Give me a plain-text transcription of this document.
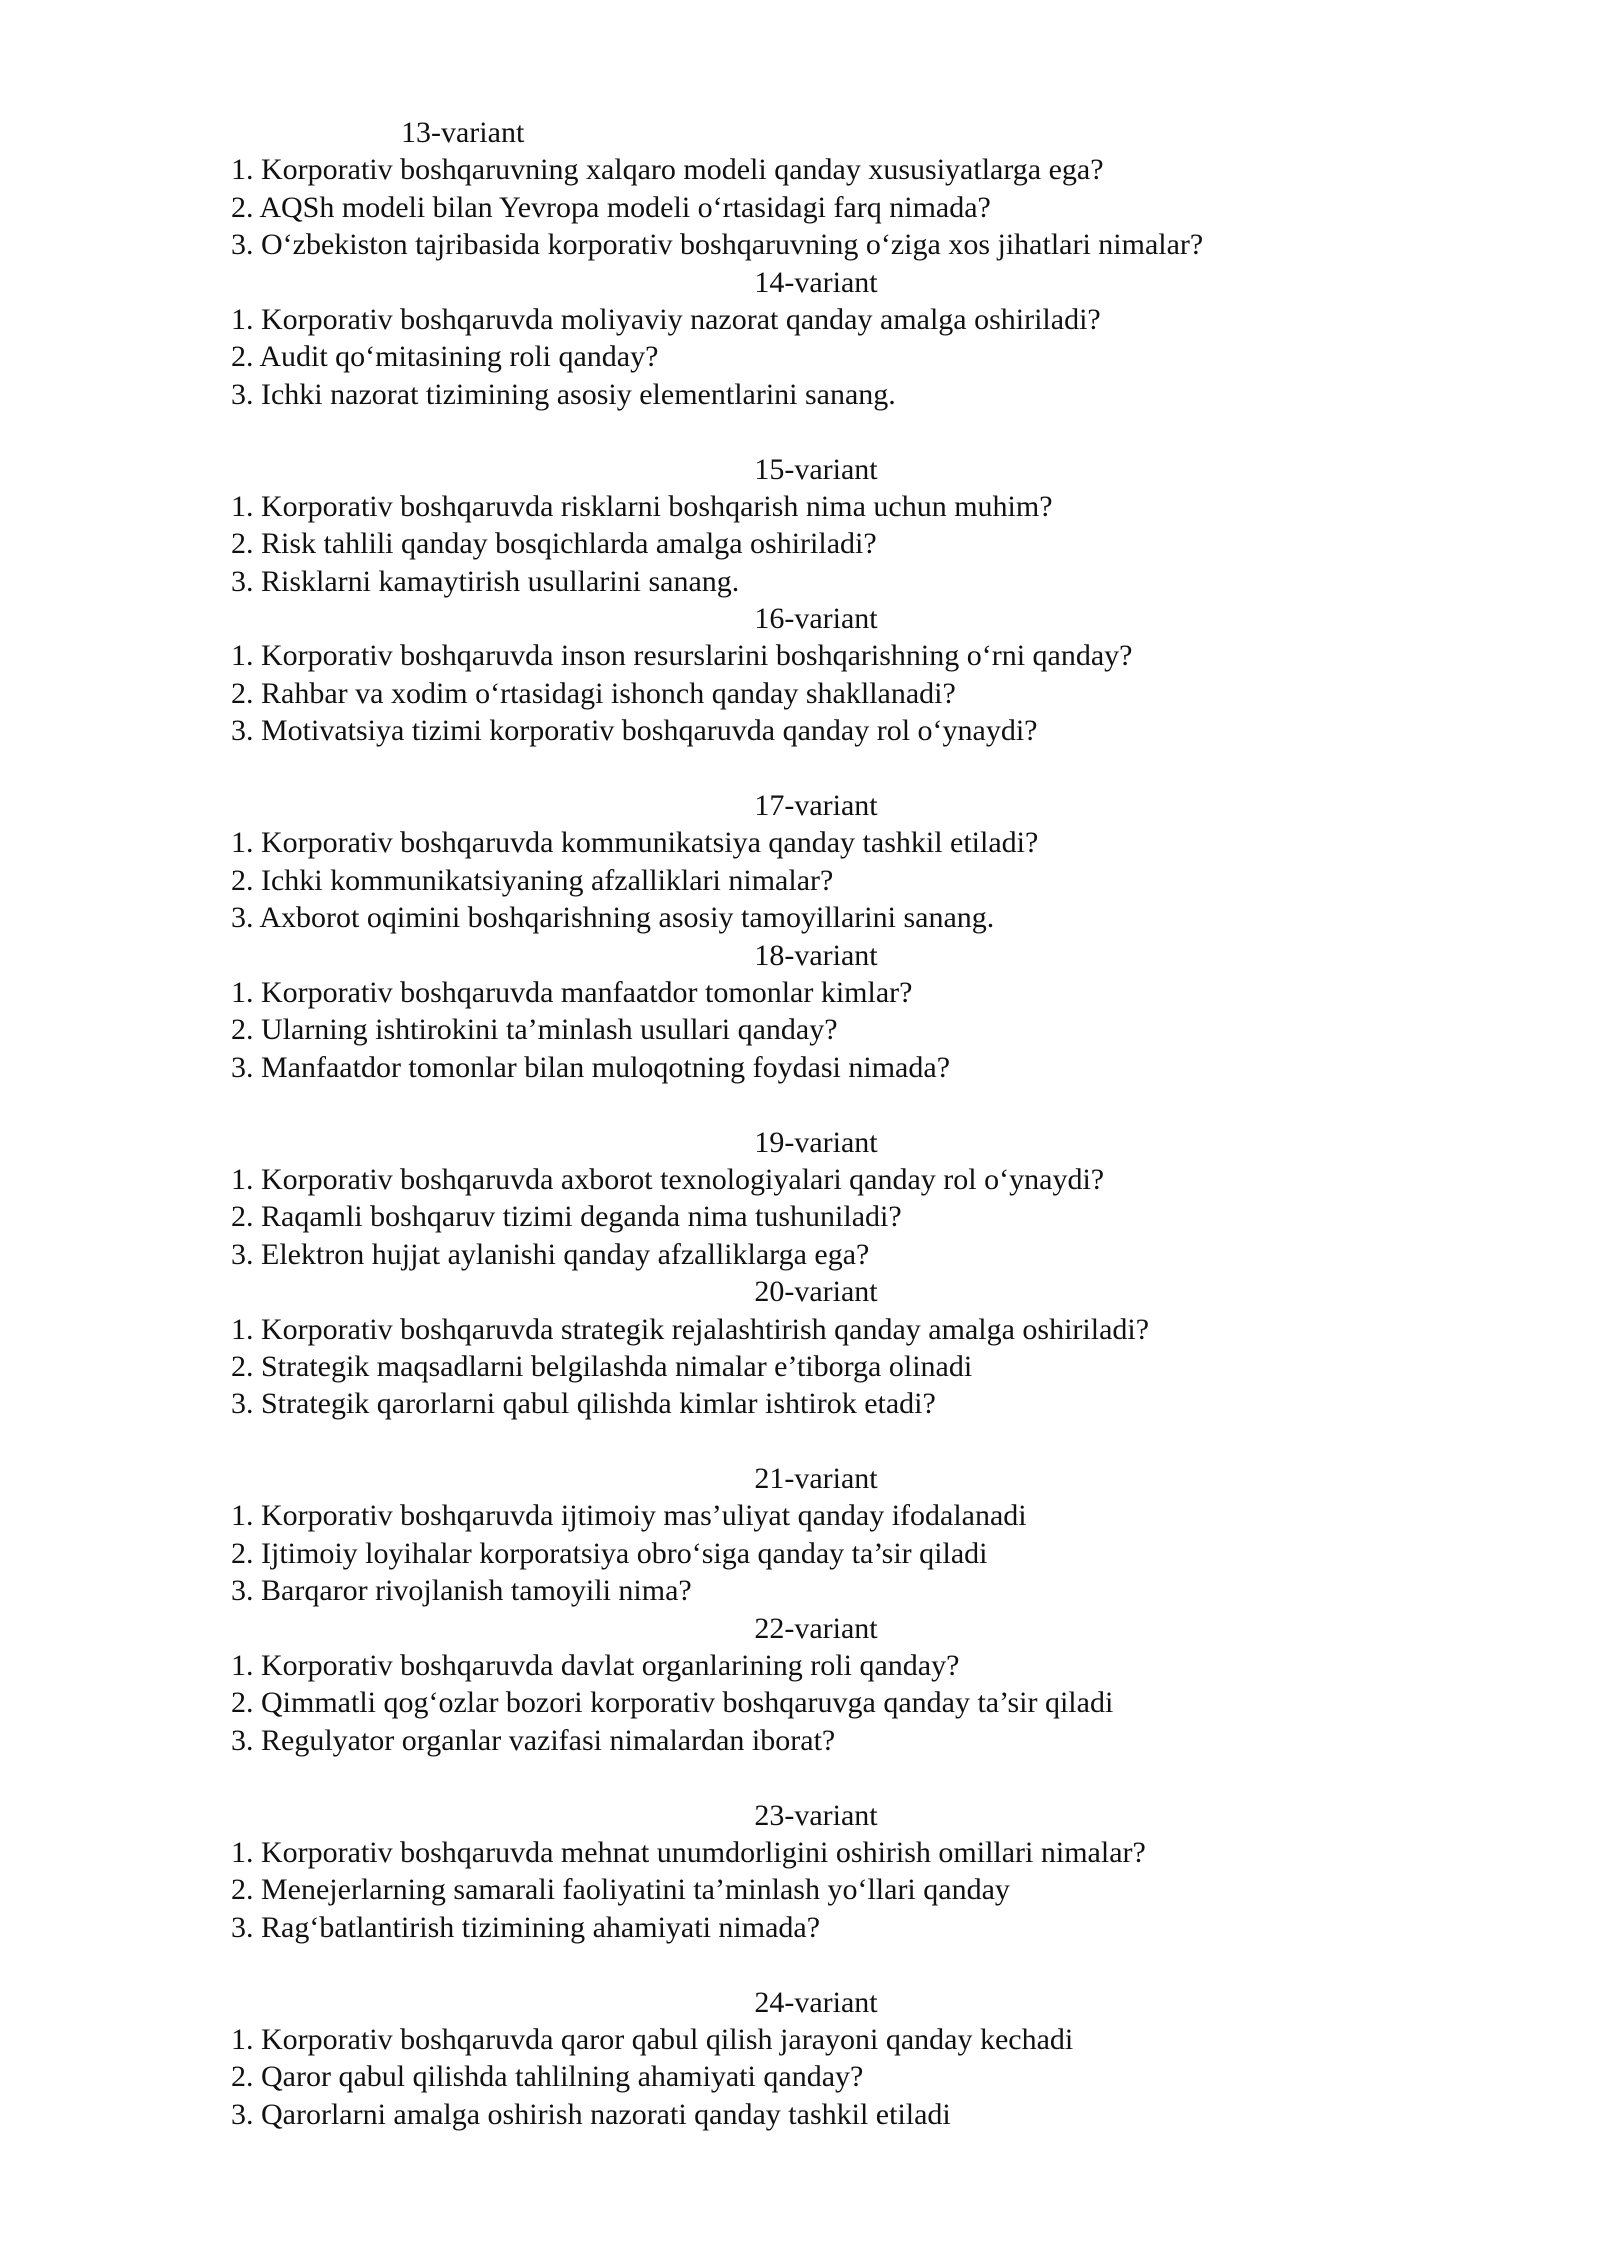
13-variant
1. Korporativ boshqaruvning xalqaro modeli qanday xususiyatlarga ega?
2. AQSh modeli bilan Yevropa modeli o‘rtasidagi farq nimada?
3. O‘zbekiston tajribasida korporativ boshqaruvning o‘ziga xos jihatlari nimalar?
14-variant
1. Korporativ boshqaruvda moliyaviy nazorat qanday amalga oshiriladi?
2. Audit qo‘mitasining roli qanday?
3. Ichki nazorat tizimining asosiy elementlarini sanang.
15-variant
1. Korporativ boshqaruvda risklarni boshqarish nima uchun muhim?
2. Risk tahlili qanday bosqichlarda amalga oshiriladi?
3. Risklarni kamaytirish usullarini sanang.
16-variant
1. Korporativ boshqaruvda inson resurslarini boshqarishning o‘rni qanday?
2. Rahbar va xodim o‘rtasidagi ishonch qanday shakllanadi?
3. Motivatsiya tizimi korporativ boshqaruvda qanday rol o‘ynaydi?
17-variant
1. Korporativ boshqaruvda kommunikatsiya qanday tashkil etiladi?
2. Ichki kommunikatsiyaning afzalliklari nimalar?
3. Axborot oqimini boshqarishning asosiy tamoyillarini sanang.
18-variant
1. Korporativ boshqaruvda manfaatdor tomonlar kimlar?
2. Ularning ishtirokini ta’minlash usullari qanday?
3. Manfaatdor tomonlar bilan muloqotning foydasi nimada?
19-variant
1. Korporativ boshqaruvda axborot texnologiyalari qanday rol o‘ynaydi?
2. Raqamli boshqaruv tizimi deganda nima tushuniladi?
3. Elektron hujjat aylanishi qanday afzalliklarga ega?
20-variant
1. Korporativ boshqaruvda strategik rejalashtirish qanday amalga oshiriladi?
2. Strategik maqsadlarni belgilashda nimalar e’tiborga olinadi
3. Strategik qarorlarni qabul qilishda kimlar ishtirok etadi?
21-variant
1. Korporativ boshqaruvda ijtimoiy mas’uliyat qanday ifodalanadi
2. Ijtimoiy loyihalar korporatsiya obro‘siga qanday ta’sir qiladi
3. Barqaror rivojlanish tamoyili nima?
22-variant
1. Korporativ boshqaruvda davlat organlarining roli qanday?
2. Qimmatli qog‘ozlar bozori korporativ boshqaruvga qanday ta’sir qiladi
3. Regulyator organlar vazifasi nimalardan iborat?
23-variant
1. Korporativ boshqaruvda mehnat unumdorligini oshirish omillari nimalar?
2. Menejerlarning samarali faoliyatini ta’minlash yo‘llari qanday
3. Rag‘batlantirish tizimining ahamiyati nimada?
24-variant
1. Korporativ boshqaruvda qaror qabul qilish jarayoni qanday kechadi
2. Qaror qabul qilishda tahlilning ahamiyati qanday?
3. Qarorlarni amalga oshirish nazorati qanday tashkil etiladi
